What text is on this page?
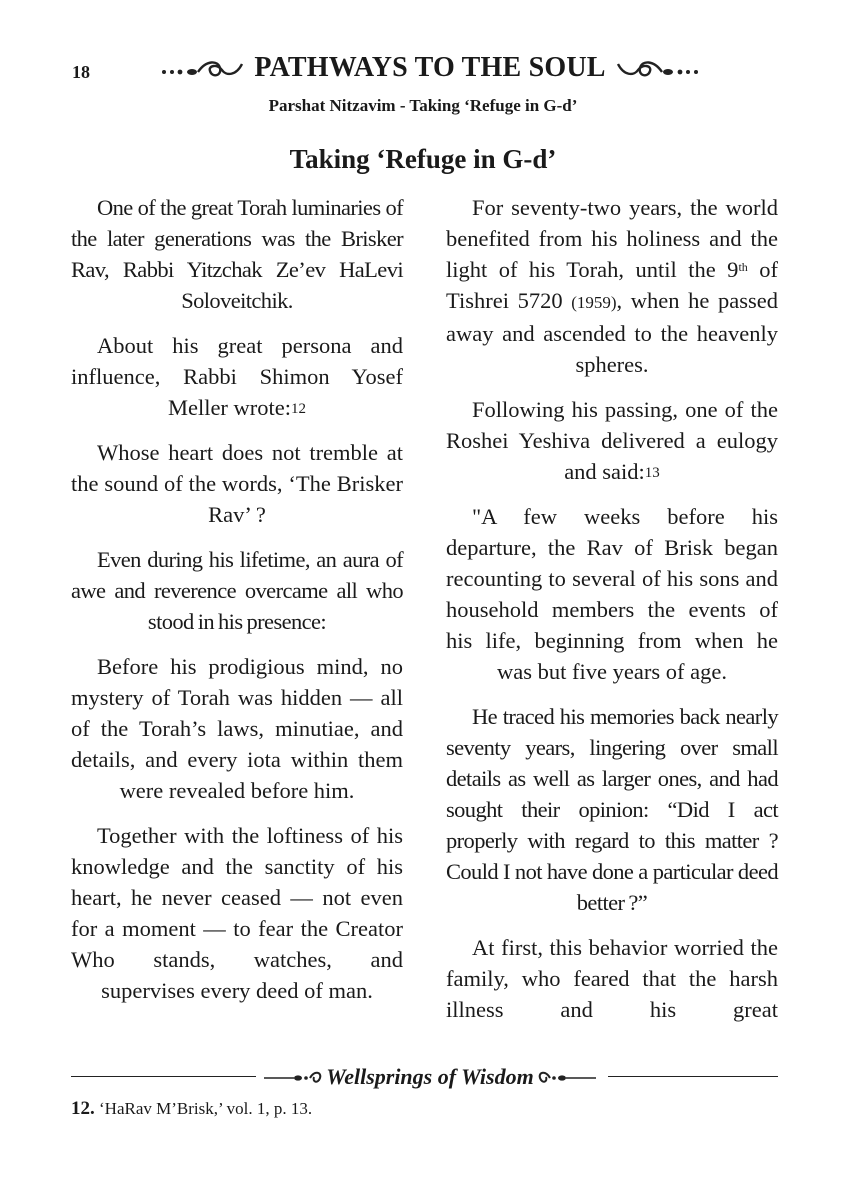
18	PATHWAYS TO THE SOUL
Parshat Nitzavim - Taking ‘Refuge in G-d’
Taking ‘Refuge in G-d’

One of the great Torah luminaries of the later generations was the Brisker Rav, Rabbi Yitzchak Ze’ev HaLevi Soloveitchik.

About his great persona and influence, Rabbi Shimon Yosef Meller wrote:$^{12}$

Whose heart does not tremble at the sound of the words, ‘The Brisker Rav’ ?

Even during his lifetime, an aura of awe and reverence overcame all who stood in his presence:

Before his prodigious mind, no mystery of Torah was hidden — all of the Torah’s laws, minutiae, and details, and every iota within them were revealed before him.

Together with the loftiness of his knowledge and the sanctity of his heart, he never ceased — not even for a moment — to fear the Creator Who stands, watches, and supervises every deed of man.

For seventy-two years, the world benefited from his holiness and the light of his Torah, until the 9th of Tishrei 5720 (1959), when he passed away and ascended to the heavenly spheres.

Following his passing, one of the Roshei Yeshiva delivered a eulogy and said:$^{13}$

"A few weeks before his departure, the Rav of Brisk began recounting to several of his sons and household members the events of his life, beginning from when he was but five years of age.

He traced his memories back nearly seventy years, lingering over small details as well as larger ones, and had sought their opinion: “Did I act properly with regard to this matter ? Could I not have done a particular deed better ?”

At first, this behavior worried the family, who feared that the harsh illness and his great

Wellsprings of Wisdom
12. ‘HaRav M’Brisk,’ vol. 1, p. 13.
